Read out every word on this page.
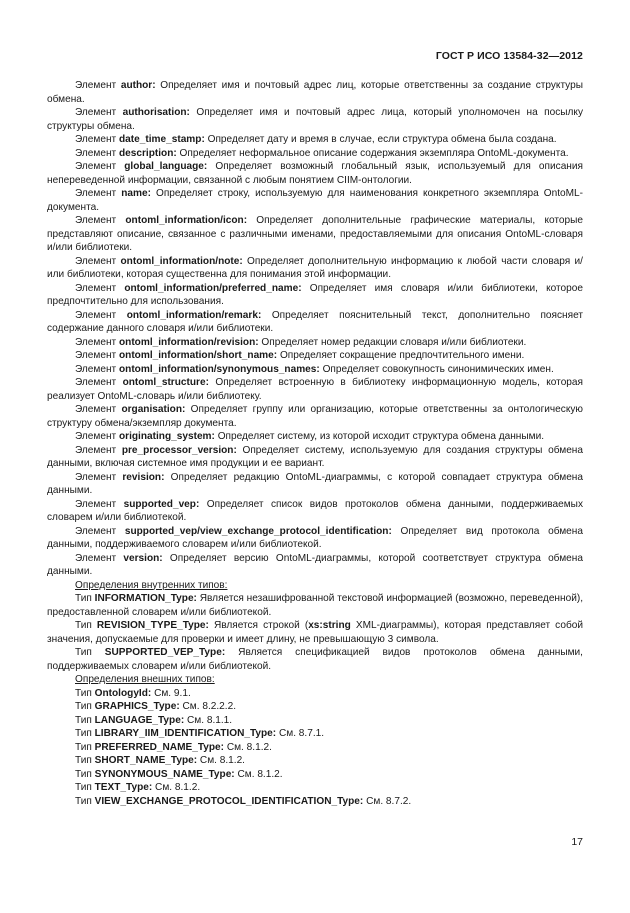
ГОСТ Р ИСО 13584-32—2012

Элемент author: Определяет имя и почтовый адрес лиц, которые ответственны за создание структуры обмена.

Элемент authorisation: Определяет имя и почтовый адрес лица, который уполномочен на посылку структуры обмена.

Элемент date_time_stamp: Определяет дату и время в случае, если структура обмена была создана.

Элемент description: Определяет неформальное описание содержания экземпляра OntoML-документа.

Элемент global_language: Определяет возможный глобальный язык, используемый для описания непереведенной информации, связанной с любым понятием CIIM-онтологии.

Элемент name: Определяет строку, используемую для наименования конкретного экземпляра OntoML-документа.

Элемент ontoml_information/icon: Определяет дополнительные графические материалы, которые представляют описание, связанное с различными именами, предоставляемыми для описания OntoML-словаря и/или библиотеки.

Элемент ontoml_information/note: Определяет дополнительную информацию к любой части словаря и/или библиотеки, которая существенна для понимания этой информации.

Элемент ontoml_information/preferred_name: Определяет имя словаря и/или библиотеки, которое предпочтительно для использования.

Элемент ontoml_information/remark: Определяет пояснительный текст, дополнительно поясняет содержание данного словаря и/или библиотеки.

Элемент ontoml_information/revision: Определяет номер редакции словаря и/или библиотеки.

Элемент ontoml_information/short_name: Определяет сокращение предпочтительного имени.

Элемент ontoml_information/synonymous_names: Определяет совокупность синонимических имен.

Элемент ontoml_structure: Определяет встроенную в библиотеку информационную модель, которая реализует OntoML-словарь и/или библиотеку.

Элемент organisation: Определяет группу или организацию, которые ответственны за онтологическую структуру обмена/экземпляр документа.

Элемент originating_system: Определяет систему, из которой исходит структура обмена данными.

Элемент pre_processor_version: Определяет систему, используемую для создания структуры обмена данными, включая системное имя продукции и ее вариант.

Элемент revision: Определяет редакцию OntoML-диаграммы, с которой совпадает структура обмена данными.

Элемент supported_vep: Определяет список видов протоколов обмена данными, поддерживаемых словарем и/или библиотекой.

Элемент supported_vep/view_exchange_protocol_identification: Определяет вид протокола обмена данными, поддерживаемого словарем и/или библиотекой.

Элемент version: Определяет версию OntoML-диаграммы, которой соответствует структура обмена данными.

Определения внутренних типов:

Тип INFORMATION_Type: Является незашифрованной текстовой информацией (возможно, переведенной), предоставленной словарем и/или библиотекой.

Тип REVISION_TYPE_Type: Является строкой (xs:string XML-диаграммы), которая представляет собой значения, допускаемые для проверки и имеет длину, не превышающую 3 символа.

Тип SUPPORTED_VEP_Type: Является спецификацией видов протоколов обмена данными, поддерживаемых словарем и/или библиотекой.

Определения внешних типов:

Тип OntologyId: См. 9.1.

Тип GRAPHICS_Type: См. 8.2.2.2.

Тип LANGUAGE_Type: См. 8.1.1.

Тип LIBRARY_IIM_IDENTIFICATION_Type: См. 8.7.1.

Тип PREFERRED_NAME_Type: См. 8.1.2.

Тип SHORT_NAME_Type: См. 8.1.2.

Тип SYNONYMOUS_NAME_Type: См. 8.1.2.

Тип TEXT_Type: См. 8.1.2.

Тип VIEW_EXCHANGE_PROTOCOL_IDENTIFICATION_Type: См. 8.7.2.

17
